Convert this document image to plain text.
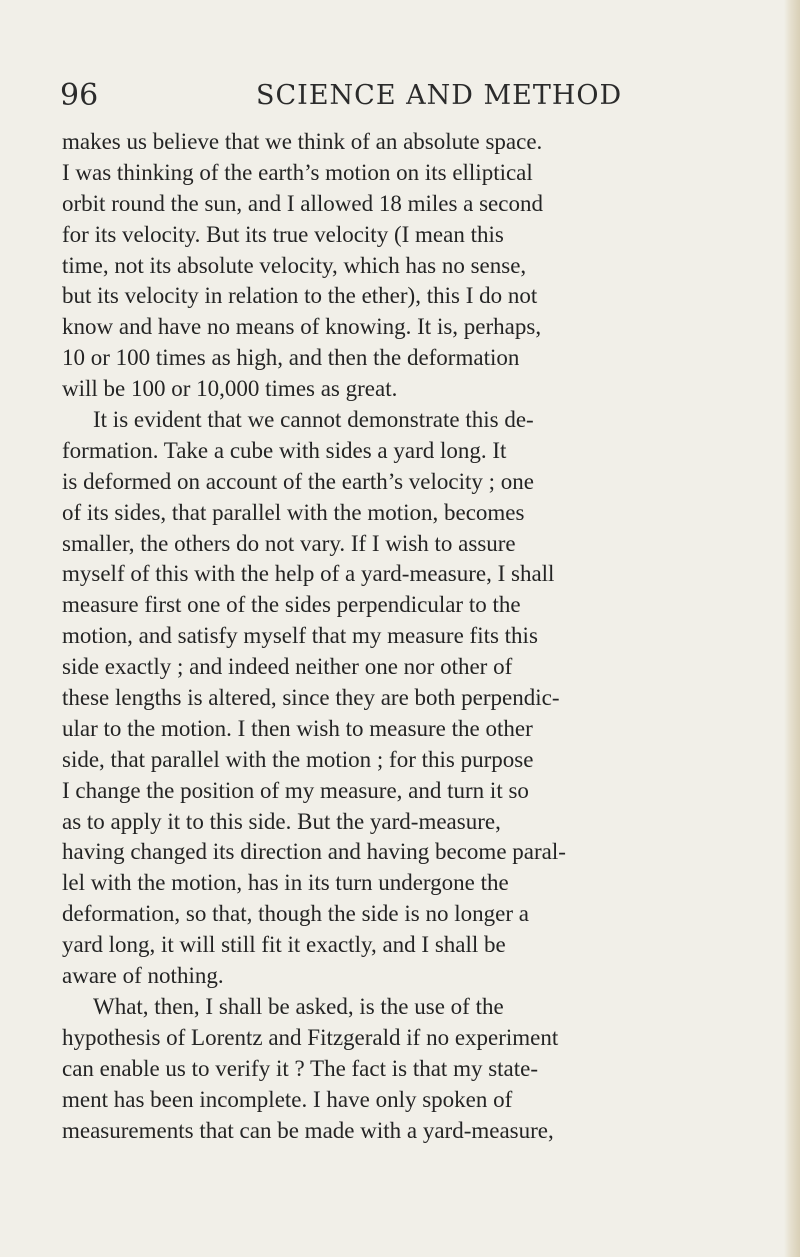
96	SCIENCE AND METHOD
makes us believe that we think of an absolute space.
I was thinking of the earth’s motion on its elliptical
orbit round the sun, and I allowed 18 miles a second
for its velocity. But its true velocity (I mean this
time, not its absolute velocity, which has no sense,
but its velocity in relation to the ether), this I do not
know and have no means of knowing. It is, perhaps,
10 or 100 times as high, and then the deformation
will be 100 or 10,000 times as great.
It is evident that we cannot demonstrate this de-
formation. Take a cube with sides a yard long. It
is deformed on account of the earth’s velocity ; one
of its sides, that parallel with the motion, becomes
smaller, the others do not vary. If I wish to assure
myself of this with the help of a yard-measure, I shall
measure first one of the sides perpendicular to the
motion, and satisfy myself that my measure fits this
side exactly ; and indeed neither one nor other of
these lengths is altered, since they are both perpendic-
ular to the motion. I then wish to measure the other
side, that parallel with the motion ; for this purpose
I change the position of my measure, and turn it so
as to apply it to this side. But the yard-measure,
having changed its direction and having become paral-
lel with the motion, has in its turn undergone the
deformation, so that, though the side is no longer a
yard long, it will still fit it exactly, and I shall be
aware of nothing.
What, then, I shall be asked, is the use of the
hypothesis of Lorentz and Fitzgerald if no experiment
can enable us to verify it ? The fact is that my state-
ment has been incomplete. I have only spoken of
measurements that can be made with a yard-measure,
